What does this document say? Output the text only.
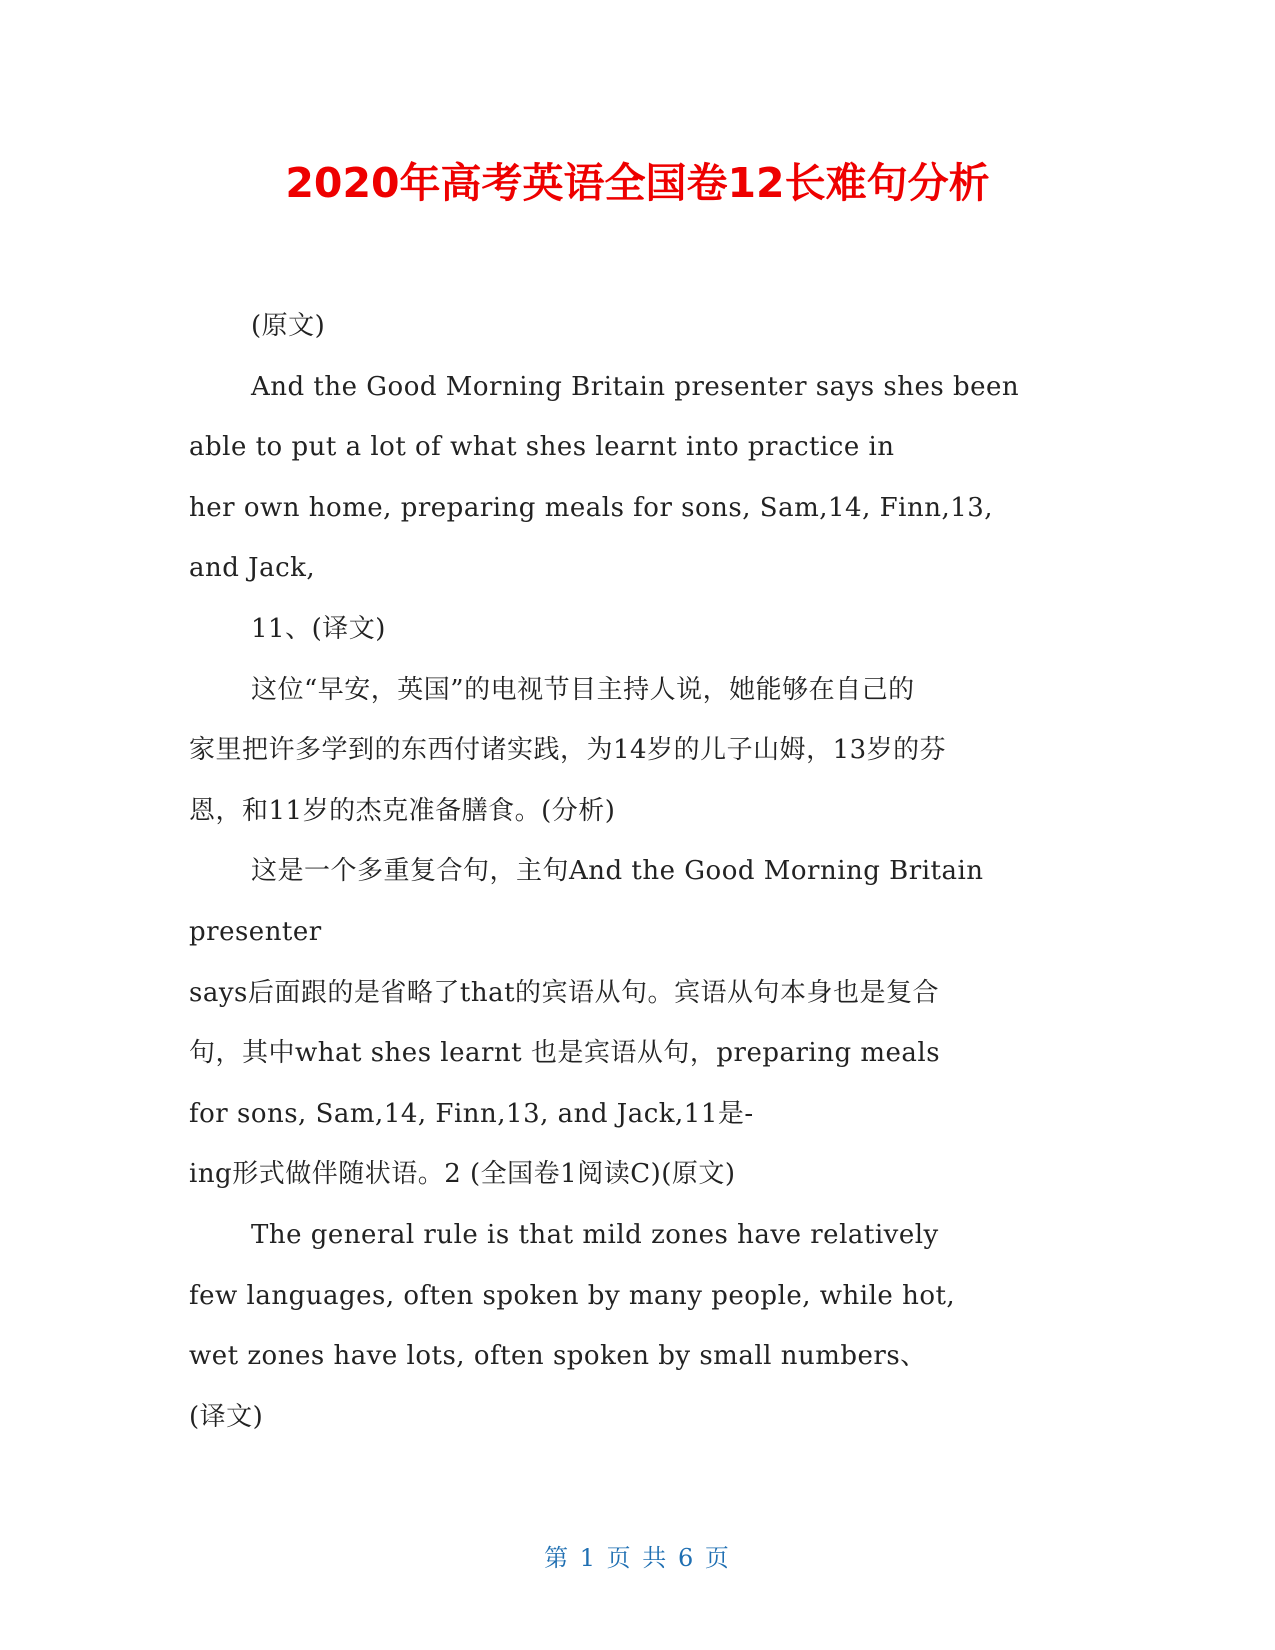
2020年高考英语全国卷12长难句分析

(原文)

And the Good Morning Britain presenter says shes been

able to put a lot of what shes learnt into practice in

her own home, preparing meals for sons, Sam,14, Finn,13,

and Jack,

11、(译文)

这位“早安，英国”的电视节目主持人说，她能够在自己的

家里把许多学到的东西付诸实践，为14岁的儿子山姆，13岁的芬

恩，和11岁的杰克准备膳食。(分析)

这是一个多重复合句，主句And the Good Morning Britain

presenter

says后面跟的是省略了that的宾语从句。宾语从句本身也是复合

句，其中what shes learnt 也是宾语从句，preparing meals

for sons, Sam,14, Finn,13, and Jack,11是-

ing形式做伴随状语。2 (全国卷1阅读C)(原文)

The general rule is that mild zones have relatively

few languages, often spoken by many people, while hot,

wet zones have lots, often spoken by small numbers、

(译文)

第 1 页 共 6 页
